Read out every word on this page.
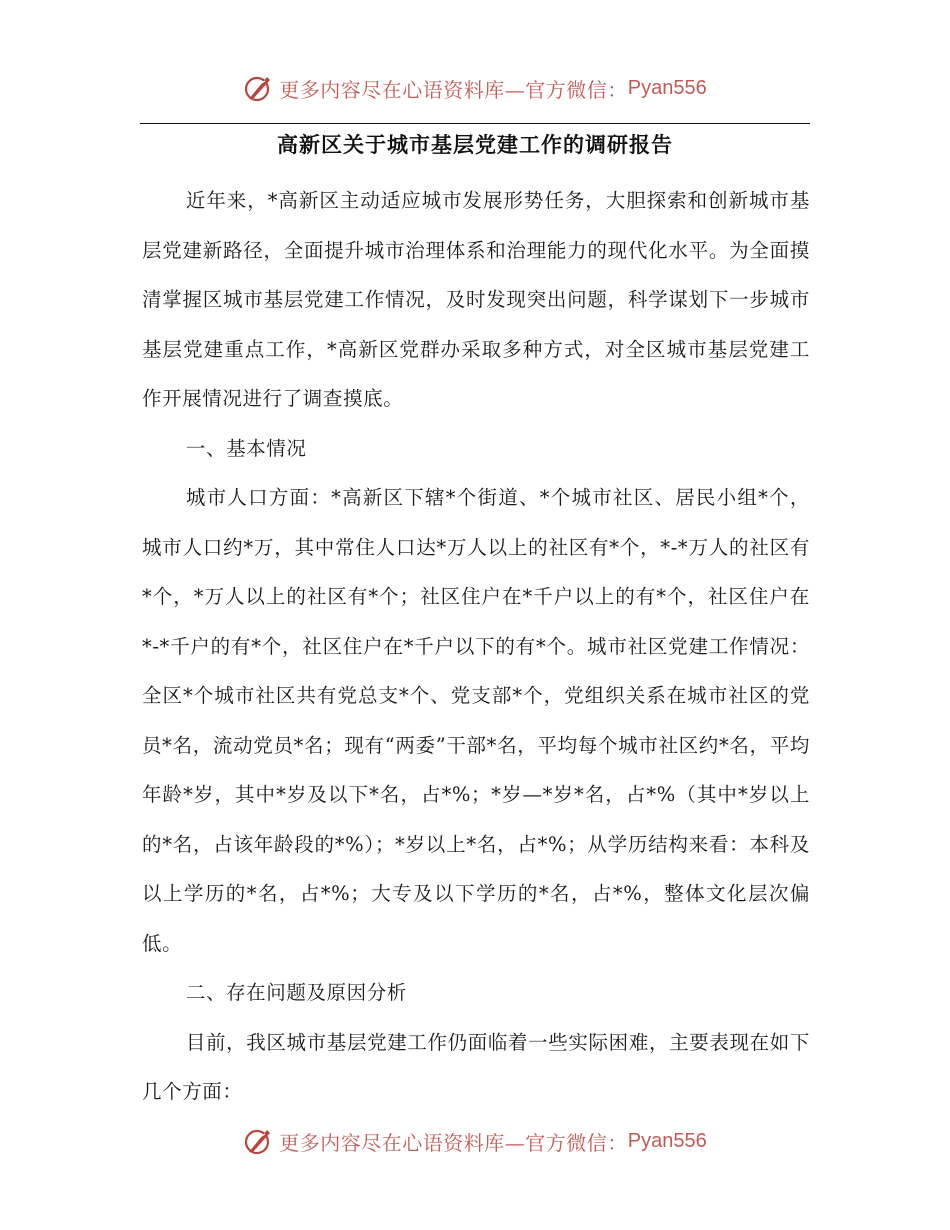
更多内容尽在心语资料库—官方微信： Pyan556
高新区关于城市基层党建工作的调研报告

近年来，*高新区主动适应城市发展形势任务，大胆探索和创新城市基层党建新路径，全面提升城市治理体系和治理能力的现代化水平。为全面摸清掌握区城市基层党建工作情况，及时发现突出问题，科学谋划下一步城市基层党建重点工作，*高新区党群办采取多种方式，对全区城市基层党建工作开展情况进行了调查摸底。

一、基本情况

城市人口方面：*高新区下辖*个街道、*个城市社区、居民小组*个，城市人口约*万，其中常住人口达*万人以上的社区有*个，*-*万人的社区有*个，*万人以上的社区有*个；社区住户在*千户以上的有*个，社区住户在*-*千户的有*个，社区住户在*千户以下的有*个。城市社区党建工作情况：全区*个城市社区共有党总支*个、党支部*个，党组织关系在城市社区的党员*名，流动党员*名；现有“两委”干部*名，平均每个城市社区约*名，平均年龄*岁，其中*岁及以下*名，占*%；*岁—*岁*名，占*%（其中*岁以上的*名，占该年龄段的*%）；*岁以上*名，占*%；从学历结构来看：本科及以上学历的*名，占*%；大专及以下学历的*名，占*%，整体文化层次偏低。

二、存在问题及原因分析

目前，我区城市基层党建工作仍面临着一些实际困难，主要表现在如下几个方面：

更多内容尽在心语资料库—官方微信： Pyan556
